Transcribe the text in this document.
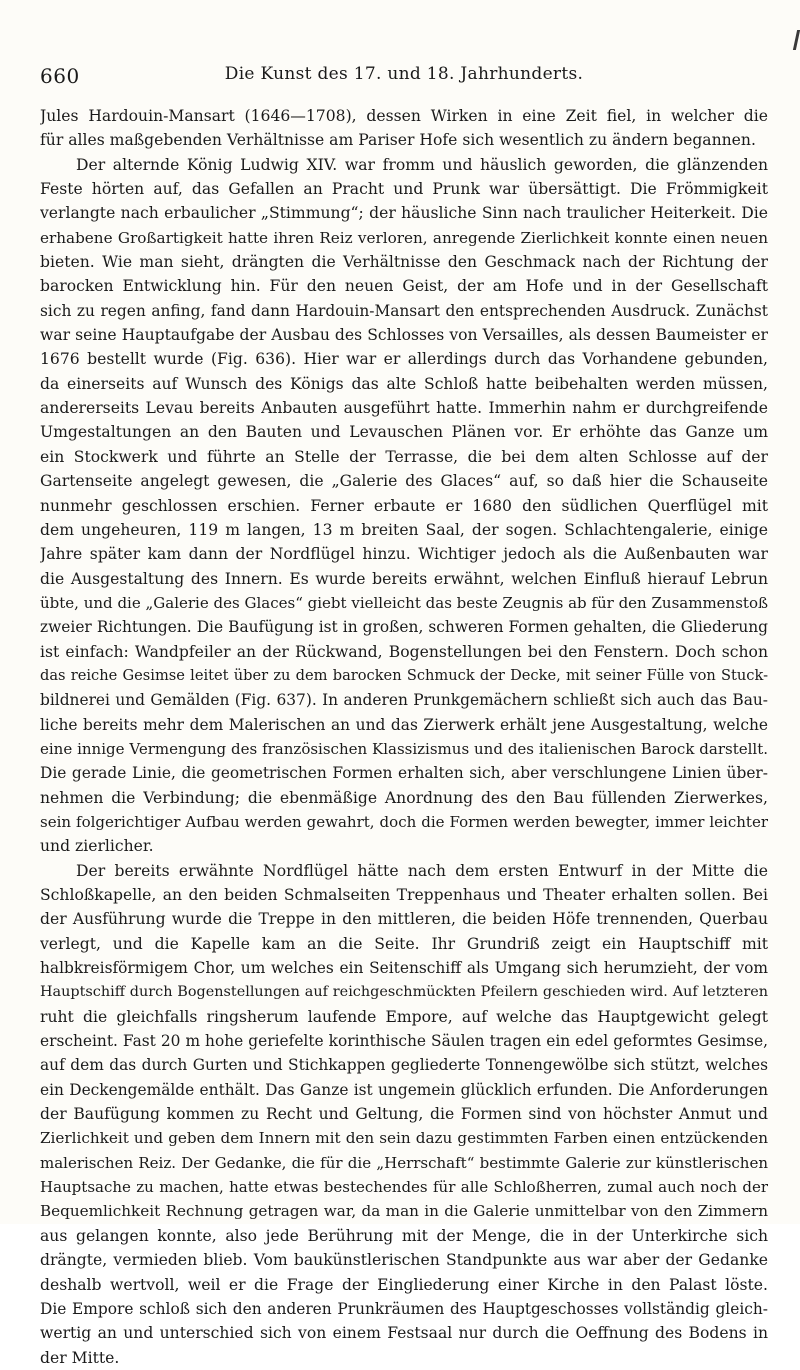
660	Die Kunst des 17. und 18. Jahrhunderts.
Jules Hardouin-Mansart (1646—1708), dessen Wirken in eine Zeit fiel, in welcher die
für alles maßgebenden Verhältnisse am Pariser Hofe sich wesentlich zu ändern begannen.
Der alternde König Ludwig XIV. war fromm und häuslich geworden, die glänzenden
Feste hörten auf, das Gefallen an Pracht und Prunk war übersättigt. Die Frömmigkeit
verlangte nach erbaulicher „Stimmung“; der häusliche Sinn nach traulicher Heiterkeit. Die
erhabene Großartigkeit hatte ihren Reiz verloren, anregende Zierlichkeit konnte einen neuen
bieten. Wie man sieht, drängten die Verhältnisse den Geschmack nach der Richtung der
barocken Entwicklung hin. Für den neuen Geist, der am Hofe und in der Gesellschaft
sich zu regen anfing, fand dann Hardouin-Mansart den entsprechenden Ausdruck. Zunächst
war seine Hauptaufgabe der Ausbau des Schlosses von Versailles, als dessen Baumeister er
1676 bestellt wurde (Fig. 636). Hier war er allerdings durch das Vorhandene gebunden,
da einerseits auf Wunsch des Königs das alte Schloß hatte beibehalten werden müssen,
andererseits Levau bereits Anbauten ausgeführt hatte. Immerhin nahm er durchgreifende
Umgestaltungen an den Bauten und Levauschen Plänen vor. Er erhöhte das Ganze um
ein Stockwerk und führte an Stelle der Terrasse, die bei dem alten Schlosse auf der
Gartenseite angelegt gewesen, die „Galerie des Glaces“ auf, so daß hier die Schauseite
nunmehr geschlossen erschien. Ferner erbaute er 1680 den südlichen Querflügel mit
dem ungeheuren, 119 m langen, 13 m breiten Saal, der sogen. Schlachtengalerie, einige
Jahre später kam dann der Nordflügel hinzu. Wichtiger jedoch als die Außenbauten war
die Ausgestaltung des Innern. Es wurde bereits erwähnt, welchen Einfluß hierauf Lebrun
übte, und die „Galerie des Glaces“ giebt vielleicht das beste Zeugnis ab für den Zusammenstoß
zweier Richtungen. Die Baufügung ist in großen, schweren Formen gehalten, die Gliederung
ist einfach: Wandpfeiler an der Rückwand, Bogenstellungen bei den Fenstern. Doch schon
das reiche Gesimse leitet über zu dem barocken Schmuck der Decke, mit seiner Fülle von Stuck-
bildnerei und Gemälden (Fig. 637). In anderen Prunkgemächern schließt sich auch das Bau-
liche bereits mehr dem Malerischen an und das Zierwerk erhält jene Ausgestaltung, welche
eine innige Vermengung des französischen Klassizismus und des italienischen Barock darstellt.
Die gerade Linie, die geometrischen Formen erhalten sich, aber verschlungene Linien über-
nehmen die Verbindung; die ebenmäßige Anordnung des den Bau füllenden Zierwerkes,
sein folgerichtiger Aufbau werden gewahrt, doch die Formen werden bewegter, immer leichter
und zierlicher.
Der bereits erwähnte Nordflügel hätte nach dem ersten Entwurf in der Mitte die
Schloßkapelle, an den beiden Schmalseiten Treppenhaus und Theater erhalten sollen. Bei
der Ausführung wurde die Treppe in den mittleren, die beiden Höfe trennenden, Querbau
verlegt, und die Kapelle kam an die Seite. Ihr Grundriß zeigt ein Hauptschiff mit
halbkreisförmigem Chor, um welches ein Seitenschiff als Umgang sich herumzieht, der vom
Hauptschiff durch Bogenstellungen auf reichgeschmückten Pfeilern geschieden wird. Auf letzteren
ruht die gleichfalls ringsherum laufende Empore, auf welche das Hauptgewicht gelegt
erscheint. Fast 20 m hohe geriefelte korinthische Säulen tragen ein edel geformtes Gesimse,
auf dem das durch Gurten und Stichkappen gegliederte Tonnengewölbe sich stützt, welches
ein Deckengemälde enthält. Das Ganze ist ungemein glücklich erfunden. Die Anforderungen
der Baufügung kommen zu Recht und Geltung, die Formen sind von höchster Anmut und
Zierlichkeit und geben dem Innern mit den sein dazu gestimmten Farben einen entzückenden
malerischen Reiz. Der Gedanke, die für die „Herrschaft“ bestimmte Galerie zur künstlerischen
Hauptsache zu machen, hatte etwas bestechendes für alle Schloßherren, zumal auch noch der
Bequemlichkeit Rechnung getragen war, da man in die Galerie unmittelbar von den Zimmern
aus gelangen konnte, also jede Berührung mit der Menge, die in der Unterkirche sich
drängte, vermieden blieb. Vom baukünstlerischen Standpunkte aus war aber der Gedanke
deshalb wertvoll, weil er die Frage der Eingliederung einer Kirche in den Palast löste.
Die Empore schloß sich den anderen Prunkräumen des Hauptgeschosses vollständig gleich-
wertig an und unterschied sich von einem Festsaal nur durch die Oeffnung des Bodens in
der Mitte.
